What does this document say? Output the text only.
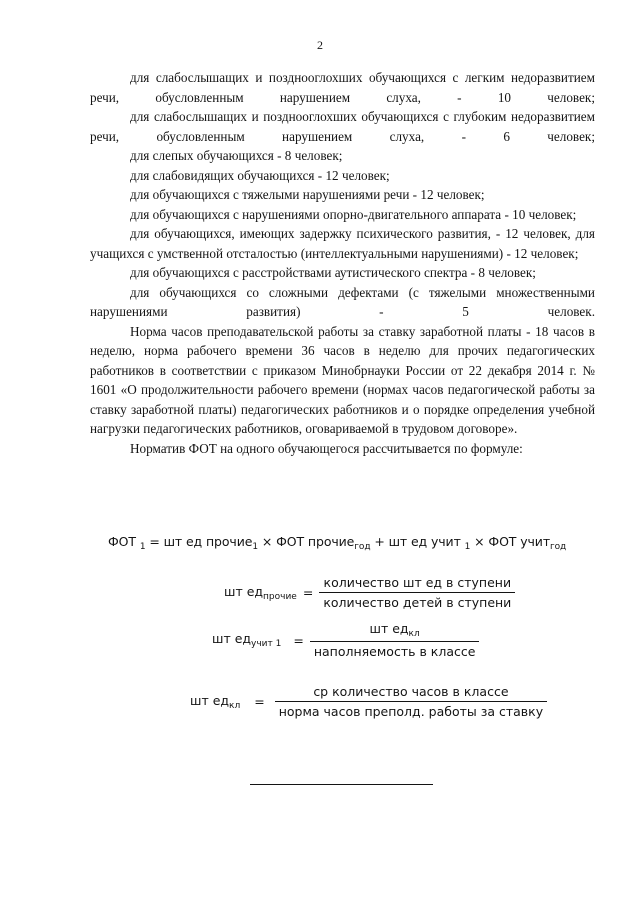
2

для слабослышащих и позднооглохших обучающихся с легким недоразвитием речи, обусловленным нарушением слуха, - 10 человек;

для слабослышащих и позднооглохших обучающихся с глубоким недоразвитием речи, обусловленным нарушением слуха, - 6 человек;

для слепых обучающихся - 8 человек;

для слабовидящих обучающихся - 12 человек;

для обучающихся с тяжелыми нарушениями речи - 12 человек;

для обучающихся с нарушениями опорно-двигательного аппарата - 10 человек;

для обучающихся, имеющих задержку психического развития, - 12 человек, для учащихся с умственной отсталостью (интеллектуальными нарушениями) - 12 человек;

для обучающихся с расстройствами аутистического спектра - 8 человек;

для обучающихся со сложными дефектами (с тяжелыми множественными нарушениями развития) - 5 человек.

Норма часов преподавательской работы за ставку заработной платы - 18 часов в неделю, норма рабочего времени 36 часов в неделю для прочих педагогических работников в соответствии с приказом Минобрнауки России от 22 декабря 2014 г. № 1601 «О продолжительности рабочего времени (нормах часов педагогической работы за ставку заработной платы) педагогических работников и о порядке определения учебной нагрузки педагогических работников, оговариваемой в трудовом договоре».

Норматив ФОТ на одного обучающегося рассчитывается по формуле:

ФОТ $_1$ = шт ед прочие$_1$ × ФОТ прочие$_{год}$ + шт ед учит $_1$ × ФОТ учит$_{год}$
шт $ед_{прочие} = \frac{\text{количество шт ед в ступени}}{\text{количество детей в ступени}}$
шт $ед_{учит 1} = \frac{шт ед_{кл}}{\text{наполняемость в классе}}$
шт $ед_{кл} = \frac{\text{ср количество часов в классе}}{\text{норма часов преполд. работы за ставку}}$
